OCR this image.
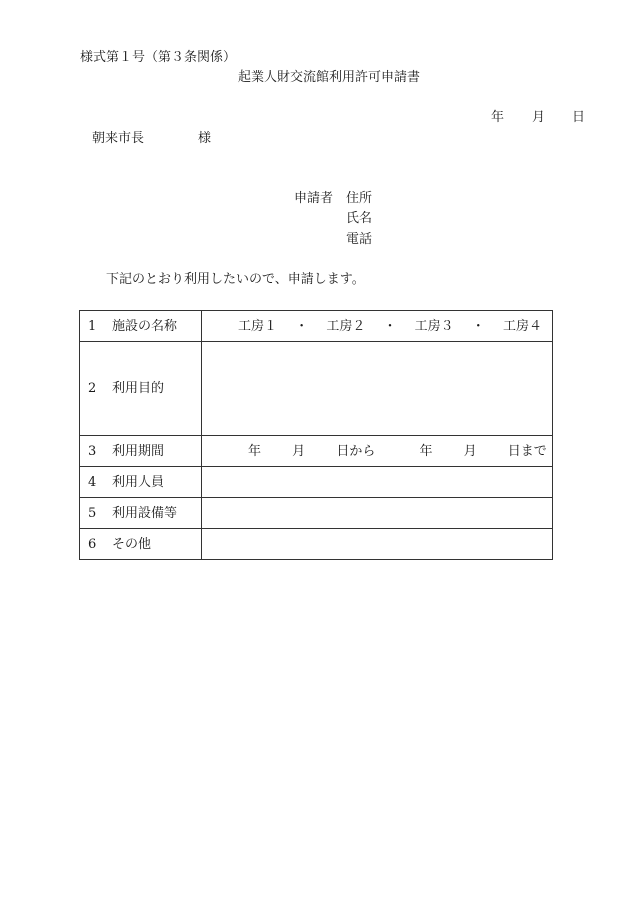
様式第１号（第３条関係）
起業人財交流館利用許可申請書
年 月 日
朝来市長	様
申請者 住所
氏名
電話
下記のとおり利用したいので、申請します。
1 施設の名称	工房１ ・ 工房２ ・ 工房３ ・ 工房４

2 利用目的	
3 利用期間	年 月 日から 年 月 日まで

4 利用人員	
5 利用設備等	
6 その他	
